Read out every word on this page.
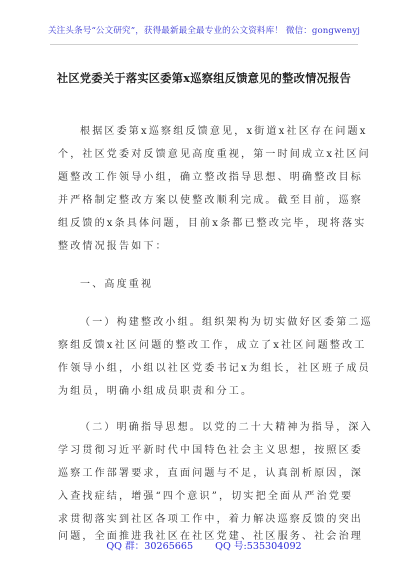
关注头条号“公文研究”，获得最新最全最专业的公文资料库！ 微信：gongwenyj
社区党委关于落实区委第x巡察组反馈意见的整改情况报告
根据区委第x巡察组反馈意见，x街道x社区存在问题x
个，社区党委对反馈意见高度重视，第一时间成立x社区问
题整改工作领导小组，确立整改指导思想、明确整改目标
并严格制定整改方案以使整改顺利完成。截至目前，巡察
组反馈的x条具体问题，目前x条都已整改完毕，现将落实
整改情况报告如下：
一、高度重视
（一）构建整改小组。组织架构为切实做好区委第二巡
察组反馈x社区问题的整改工作，成立了x社区问题整改工
作领导小组，小组以社区党委书记x为组长，社区班子成员
为组员，明确小组成员职责和分工。
（二）明确指导思想。以党的二十大精神为指导，深入
学习贯彻习近平新时代中国特色社会主义思想，按照区委
巡察工作部署要求，直面问题与不足，认真剖析原因，深
入查找症结，增强“四个意识”，切实把全面从严治党要
求贯彻落实到社区各项工作中，着力解决巡察反馈的突出
问题，全面推进我社区在社区党建、社区服务、社会治理
QQ 群：30265665 QQ 号:535304092
